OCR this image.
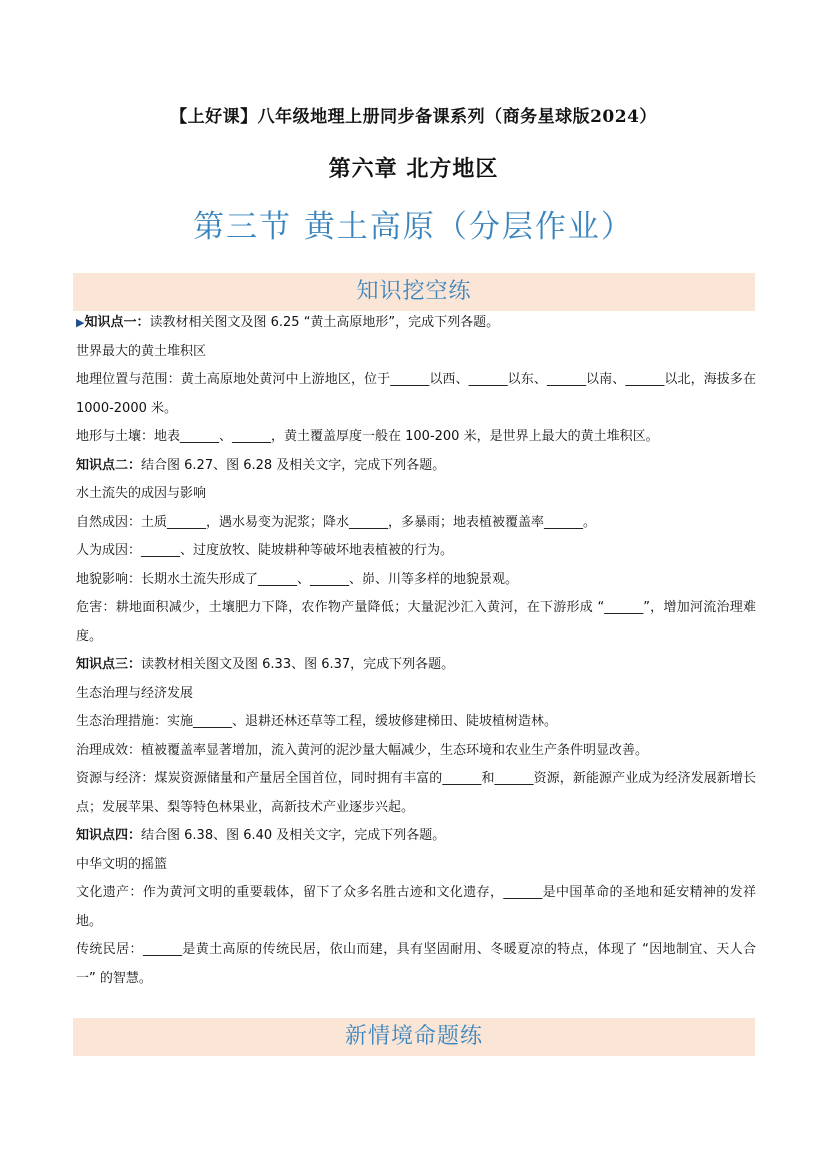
【上好课】八年级地理上册同步备课系列（商务星球版2024）
第六章 北方地区
第三节 黄土高原（分层作业）
知识挖空练

▶知识点一：读教材相关图文及图 6.25 “黄土高原地形”，完成下列各题。

世界最大的黄土堆积区

地理位置与范围：黄土高原地处黄河中上游地区，位于______以西、______以东、______以南、______以北，海拔多在 1000-2000 米。

地形与土壤：地表______、______，黄土覆盖厚度一般在 100-200 米，是世界上最大的黄土堆积区。

知识点二：结合图 6.27、图 6.28 及相关文字，完成下列各题。

水土流失的成因与影响

自然成因：土质______，遇水易变为泥浆；降水______，多暴雨；地表植被覆盖率______。

人为成因：______、过度放牧、陡坡耕种等破坏地表植被的行为。

地貌影响：长期水土流失形成了______、______、峁、川等多样的地貌景观。

危害：耕地面积减少，土壤肥力下降，农作物产量降低；大量泥沙汇入黄河，在下游形成 “______”，增加河流治理难度。

知识点三：读教材相关图文及图 6.33、图 6.37，完成下列各题。

生态治理与经济发展

生态治理措施：实施______、退耕还林还草等工程，缓坡修建梯田、陡坡植树造林。

治理成效：植被覆盖率显著增加，流入黄河的泥沙量大幅减少，生态环境和农业生产条件明显改善。

资源与经济：煤炭资源储量和产量居全国首位，同时拥有丰富的______和______资源，新能源产业成为经济发展新增长点；发展苹果、梨等特色林果业，高新技术产业逐步兴起。

知识点四：结合图 6.38、图 6.40 及相关文字，完成下列各题。

中华文明的摇篮

文化遗产：作为黄河文明的重要载体，留下了众多名胜古迹和文化遗存，______是中国革命的圣地和延安精神的发祥地。

传统民居：______是黄土高原的传统民居，依山而建，具有坚固耐用、冬暖夏凉的特点，体现了 “因地制宜、天人合一” 的智慧。

新情境命题练
